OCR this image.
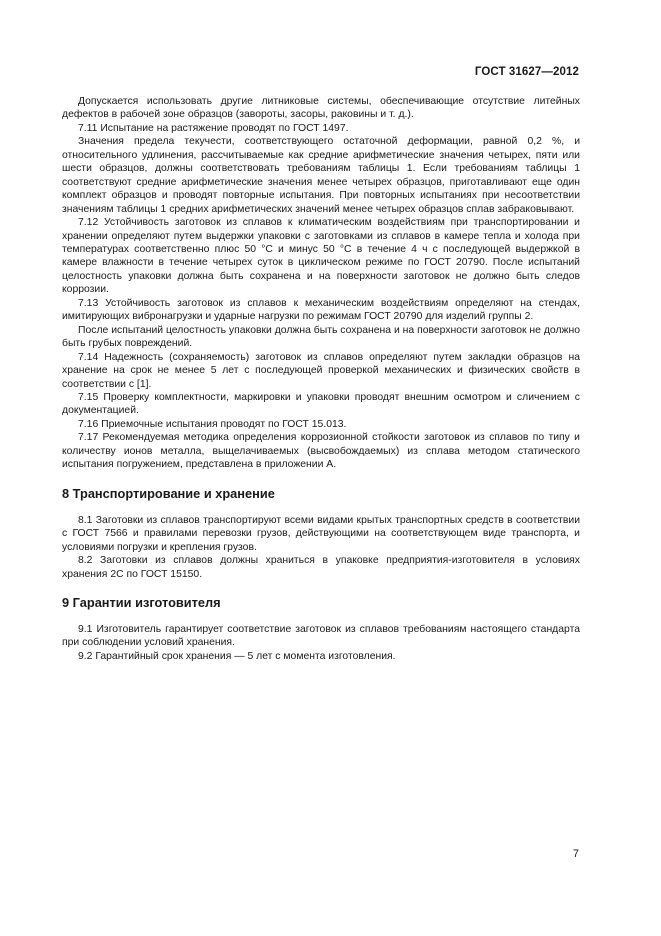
ГОСТ 31627—2012

Допускается использовать другие литниковые системы, обеспечивающие отсутствие литейных дефектов в рабочей зоне образцов (завороты, засоры, раковины и т. д.).

7.11 Испытание на растяжение проводят по ГОСТ 1497.

Значения предела текучести, соответствующего остаточной деформации, равной 0,2 %, и относительного удлинения, рассчитываемые как средние арифметические значения четырех, пяти или шести образцов, должны соответствовать требованиям таблицы 1. Если требованиям таблицы 1 соответствуют средние арифметические значения менее четырех образцов, приготавливают еще один комплект образцов и проводят повторные испытания. При повторных испытаниях при несоответствии значениям таблицы 1 средних арифметических значений менее четырех образцов сплав забраковывают.

7.12 Устойчивость заготовок из сплавов к климатическим воздействиям при транспортировании и хранении определяют путем выдержки упаковки с заготовками из сплавов в камере тепла и холода при температурах соответственно плюс 50 °С и минус 50 °С в течение 4 ч с последующей выдержкой в камере влажности в течение четырех суток в циклическом режиме по ГОСТ 20790. После испытаний целостность упаковки должна быть сохранена и на поверхности заготовок не должно быть следов коррозии.

7.13 Устойчивость заготовок из сплавов к механическим воздействиям определяют на стендах, имитирующих вибронагрузки и ударные нагрузки по режимам ГОСТ 20790 для изделий группы 2.

После испытаний целостность упаковки должна быть сохранена и на поверхности заготовок не должно быть грубых повреждений.

7.14 Надежность (сохраняемость) заготовок из сплавов определяют путем закладки образцов на хранение на срок не менее 5 лет с последующей проверкой механических и физических свойств в соответствии с [1].

7.15 Проверку комплектности, маркировки и упаковки проводят внешним осмотром и сличением с документацией.

7.16 Приемочные испытания проводят по ГОСТ 15.013.

7.17 Рекомендуемая методика определения коррозионной стойкости заготовок из сплавов по типу и количеству ионов металла, выщелачиваемых (высвобождаемых) из сплава методом статического испытания погружением, представлена в приложении А.

8 Транспортирование и хранение

8.1 Заготовки из сплавов транспортируют всеми видами крытых транспортных средств в соответствии с ГОСТ 7566 и правилами перевозки грузов, действующими на соответствующем виде транспорта, и условиями погрузки и крепления грузов.

8.2 Заготовки из сплавов должны храниться в упаковке предприятия-изготовителя в условиях хранения 2С по ГОСТ 15150.

9 Гарантии изготовителя

9.1 Изготовитель гарантирует соответствие заготовок из сплавов требованиям настоящего стандарта при соблюдении условий хранения.

9.2 Гарантийный срок хранения — 5 лет с момента изготовления.

7
